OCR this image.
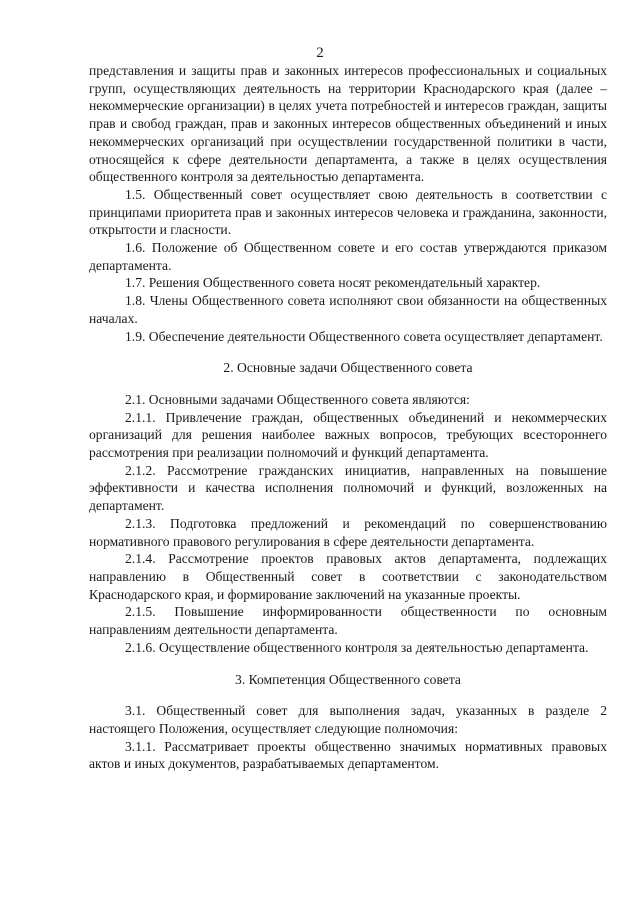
2

представления и защиты прав и законных интересов профессиональных и социальных групп, осуществляющих деятельность на территории Краснодарского края (далее – некоммерческие организации) в целях учета потребностей и интересов граждан, защиты прав и свобод граждан, прав и законных интересов общественных объединений и иных некоммерческих организаций при осуществлении государственной политики в части, относящейся к сфере деятельности департамента, а также в целях осуществления общественного контроля за деятельностью департамента.

1.5. Общественный совет осуществляет свою деятельность в соответствии с принципами приоритета прав и законных интересов человека и гражданина, законности, открытости и гласности.

1.6. Положение об Общественном совете и его состав утверждаются приказом департамента.

1.7. Решения Общественного совета носят рекомендательный характер.

1.8. Члены Общественного совета исполняют свои обязанности на общественных началах.

1.9. Обеспечение деятельности Общественного совета осуществляет департамент.

2. Основные задачи Общественного совета

2.1. Основными задачами Общественного совета являются:

2.1.1. Привлечение граждан, общественных объединений и некоммерческих организаций для решения наиболее важных вопросов, требующих всестороннего рассмотрения при реализации полномочий и функций департамента.

2.1.2. Рассмотрение гражданских инициатив, направленных на повышение эффективности и качества исполнения полномочий и функций, возложенных на департамент.

2.1.3. Подготовка предложений и рекомендаций по совершенствованию нормативного правового регулирования в сфере деятельности департамента.

2.1.4. Рассмотрение проектов правовых актов департамента, подлежащих направлению в Общественный совет в соответствии с законодательством Краснодарского края, и формирование заключений на указанные проекты.

2.1.5. Повышение информированности общественности по основным направлениям деятельности департамента.

2.1.6. Осуществление общественного контроля за деятельностью департамента.

3. Компетенция Общественного совета

3.1. Общественный совет для выполнения задач, указанных в разделе 2 настоящего Положения, осуществляет следующие полномочия:

3.1.1. Рассматривает проекты общественно значимых нормативных правовых актов и иных документов, разрабатываемых департаментом.
